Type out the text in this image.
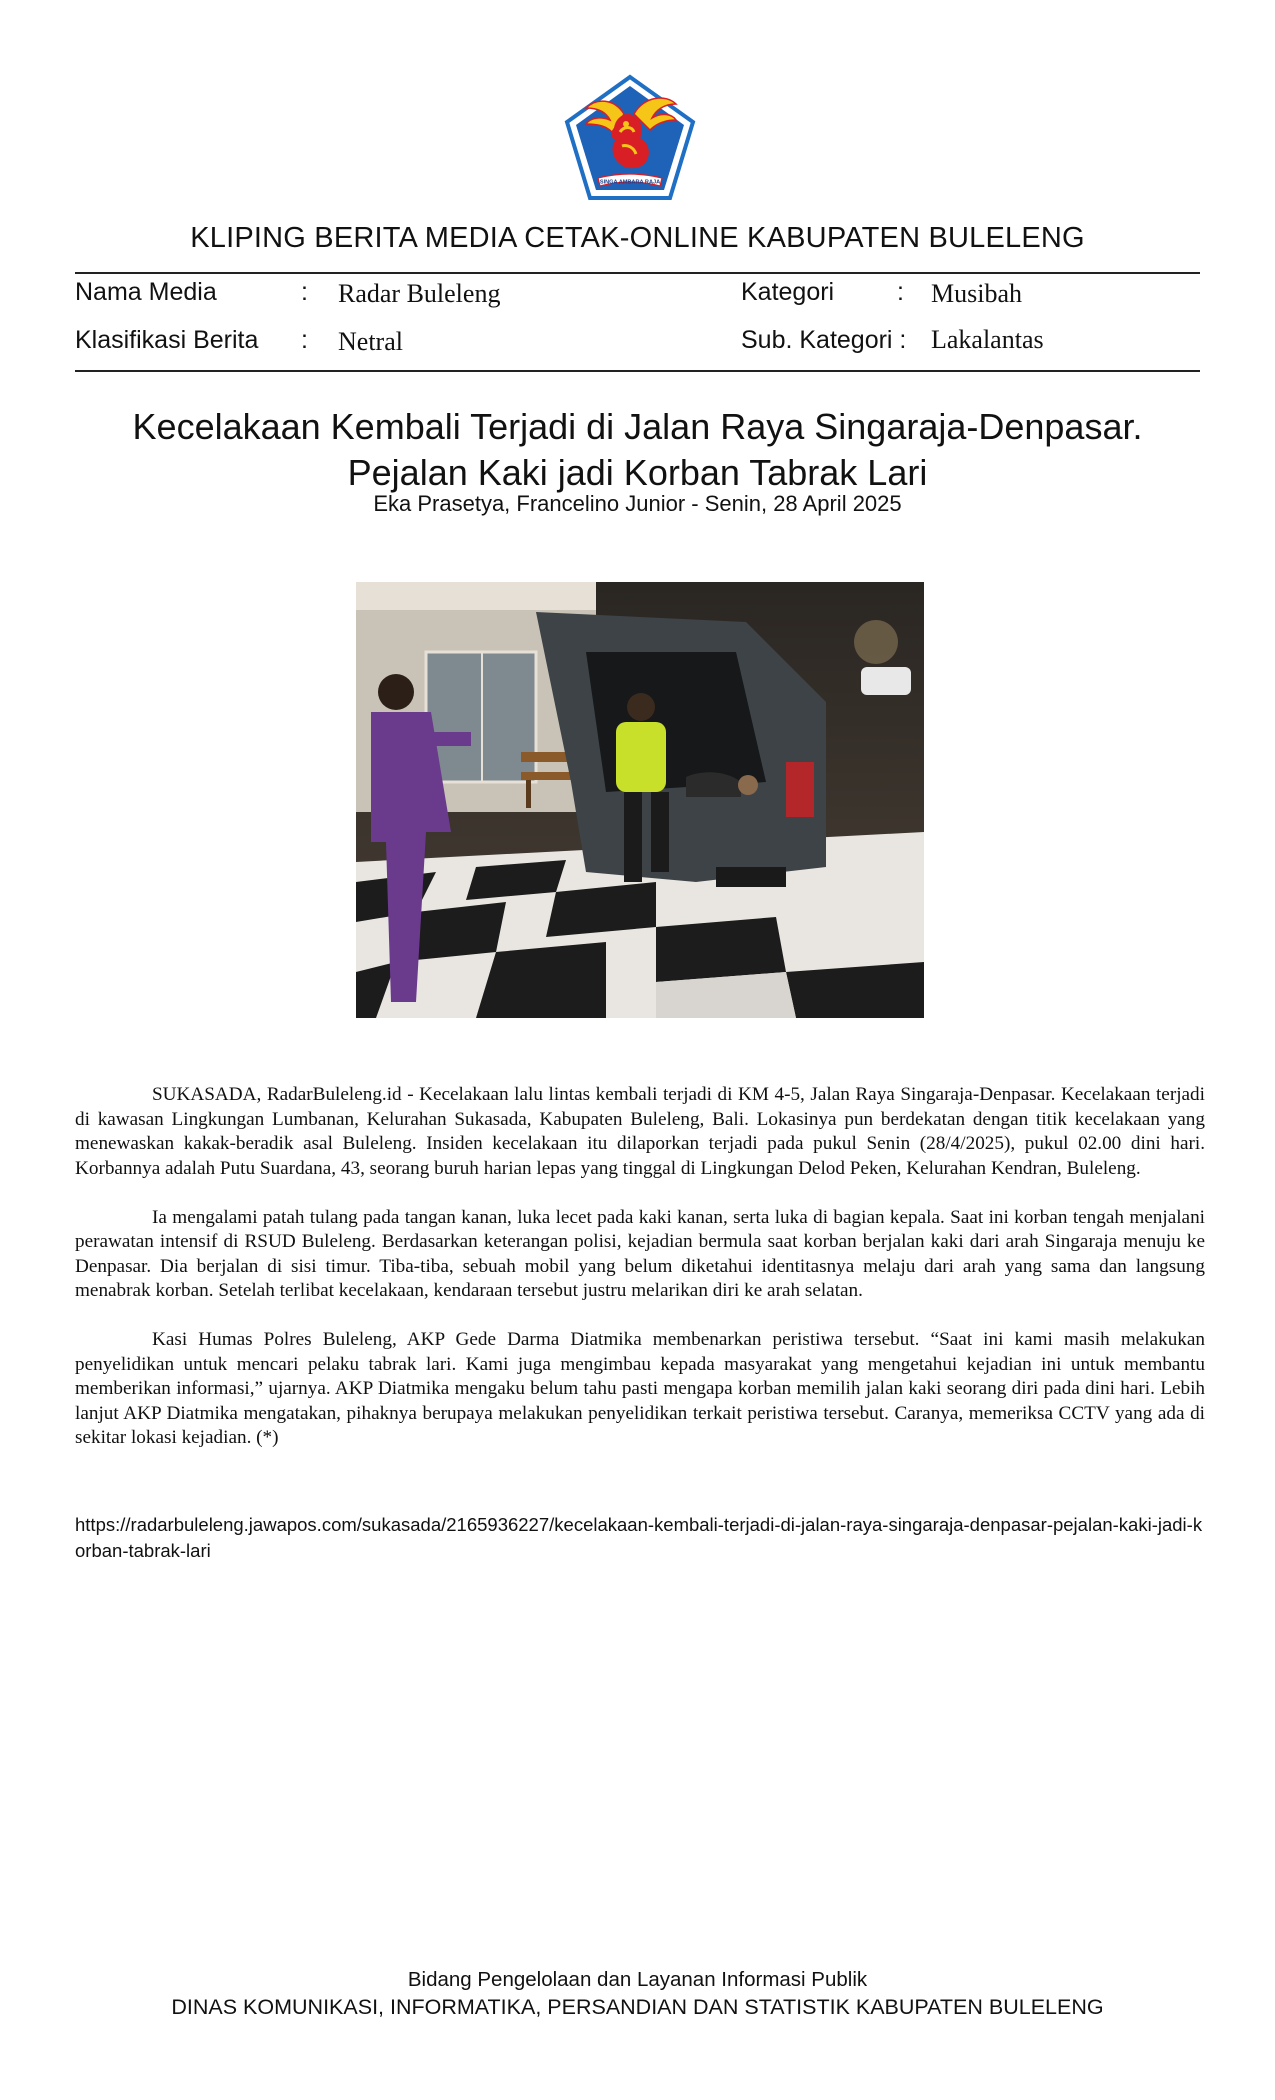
SINGA AMBARA RAJA
KLIPING BERITA MEDIA CETAK-ONLINE KABUPATEN BULELENG
Nama Media	: Radar Buleleng
Klasifikasi Berita : Netral
Kategori	: Musibah
Sub. Kategori : Lakalantas
Kecelakaan Kembali Terjadi di Jalan Raya Singaraja-Denpasar.
Pejalan Kaki jadi Korban Tabrak Lari
Eka Prasetya, Francelino Junior - Senin, 28 April 2025

SUKASADA, RadarBuleleng.id - Kecelakaan lalu lintas kembali terjadi di KM 4-5, Jalan Raya Singaraja-Denpasar. Kecelakaan terjadi di kawasan Lingkungan Lumbanan, Kelurahan Sukasada, Kabupaten Buleleng, Bali. Lokasinya pun berdekatan dengan titik kecelakaan yang menewaskan kakak-beradik asal Buleleng. Insiden kecelakaan itu dilaporkan terjadi pada pukul Senin (28/4/2025), pukul 02.00 dini hari. Korbannya adalah Putu Suardana, 43, seorang buruh harian lepas yang tinggal di Lingkungan Delod Peken, Kelurahan Kendran, Buleleng.

Ia mengalami patah tulang pada tangan kanan, luka lecet pada kaki kanan, serta luka di bagian kepala. Saat ini korban tengah menjalani perawatan intensif di RSUD Buleleng. Berdasarkan keterangan polisi, kejadian bermula saat korban berjalan kaki dari arah Singaraja menuju ke Denpasar. Dia berjalan di sisi timur. Tiba-tiba, sebuah mobil yang belum diketahui identitasnya melaju dari arah yang sama dan langsung menabrak korban. Setelah terlibat kecelakaan, kendaraan tersebut justru melarikan diri ke arah selatan.

Kasi Humas Polres Buleleng, AKP Gede Darma Diatmika membenarkan peristiwa tersebut. “Saat ini kami masih melakukan penyelidikan untuk mencari pelaku tabrak lari. Kami juga mengimbau kepada masyarakat yang mengetahui kejadian ini untuk membantu memberikan informasi,” ujarnya. AKP Diatmika mengaku belum tahu pasti mengapa korban memilih jalan kaki seorang diri pada dini hari. Lebih lanjut AKP Diatmika mengatakan, pihaknya berupaya melakukan penyelidikan terkait peristiwa tersebut. Caranya, memeriksa CCTV yang ada di sekitar lokasi kejadian. (*)

https://radarbuleleng.jawapos.com/sukasada/2165936227/kecelakaan-kembali-terjadi-di-jalan-raya-singaraja-denpasar-pejalan-kaki-jadi-korban-tabrak-lari
Bidang Pengelolaan dan Layanan Informasi Publik
DINAS KOMUNIKASI, INFORMATIKA, PERSANDIAN DAN STATISTIK KABUPATEN BULELENG
